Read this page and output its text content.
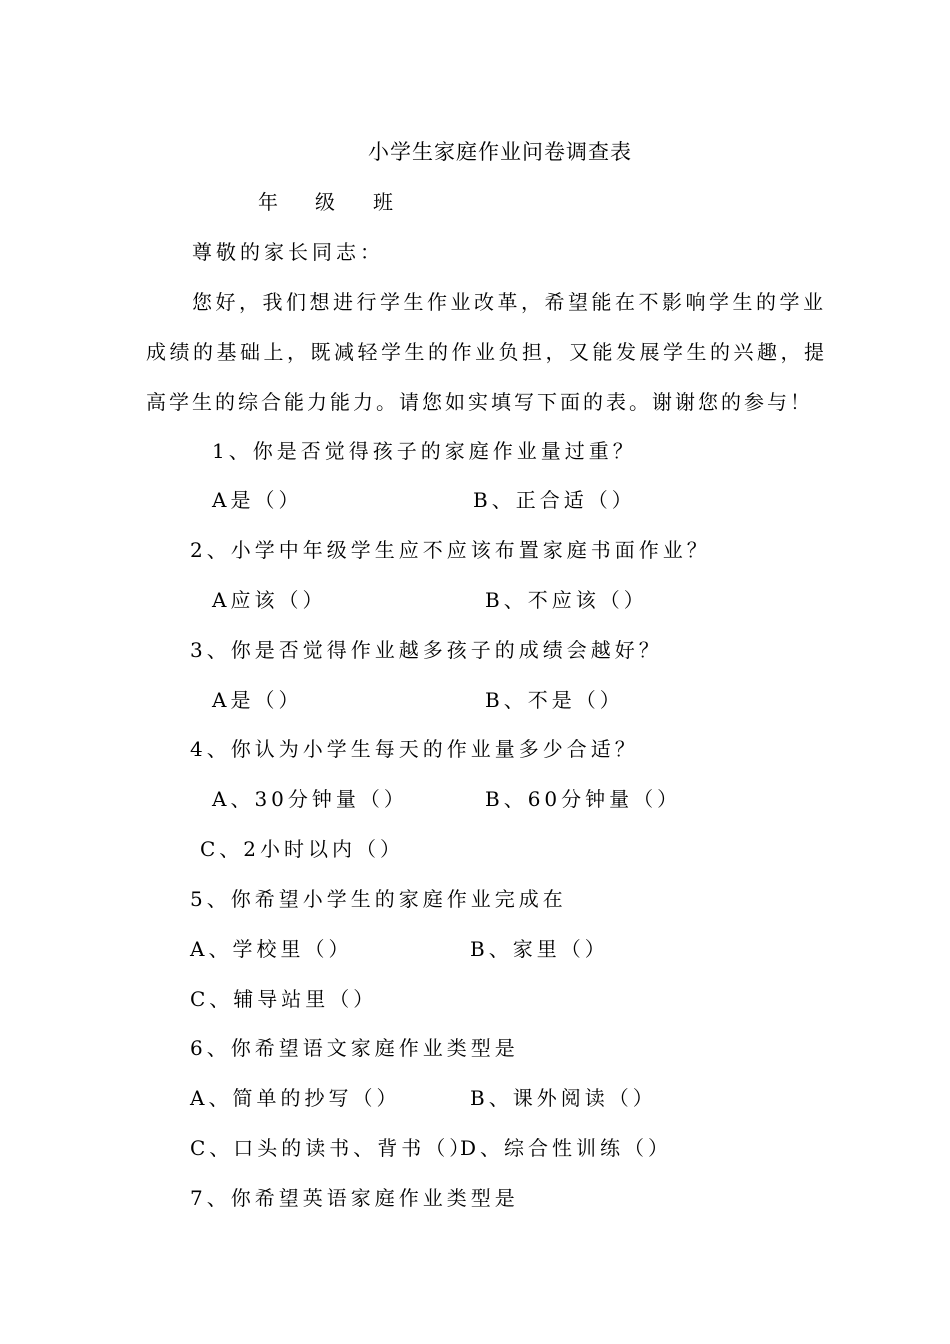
小学生家庭作业问卷调查表
年 级 班
尊敬的家长同志：
您好，我们想进行学生作业改革，希望能在不影响学生的学业
成绩的基础上，既减轻学生的作业负担，又能发展学生的兴趣，提
高学生的综合能力能力。请您如实填写下面的表。谢谢您的参与！
1、你是否觉得孩子的家庭作业量过重？
A是（）	B、正合适（）
2、小学中年级学生应不应该布置家庭书面作业？
A应该（）	B、不应该（）
3、你是否觉得作业越多孩子的成绩会越好？
A是（）	B、不是（）
4、你认为小学生每天的作业量多少合适？
A、30分钟量（）	B、60分钟量（）
C、2小时以内（）
5、你希望小学生的家庭作业完成在
A、学校里（）	B、家里（）
C、辅导站里（）
6、你希望语文家庭作业类型是
A、简单的抄写（）	B、课外阅读（）
C、口头的读书、背书（）
D、综合性训练（）
7、你希望英语家庭作业类型是
